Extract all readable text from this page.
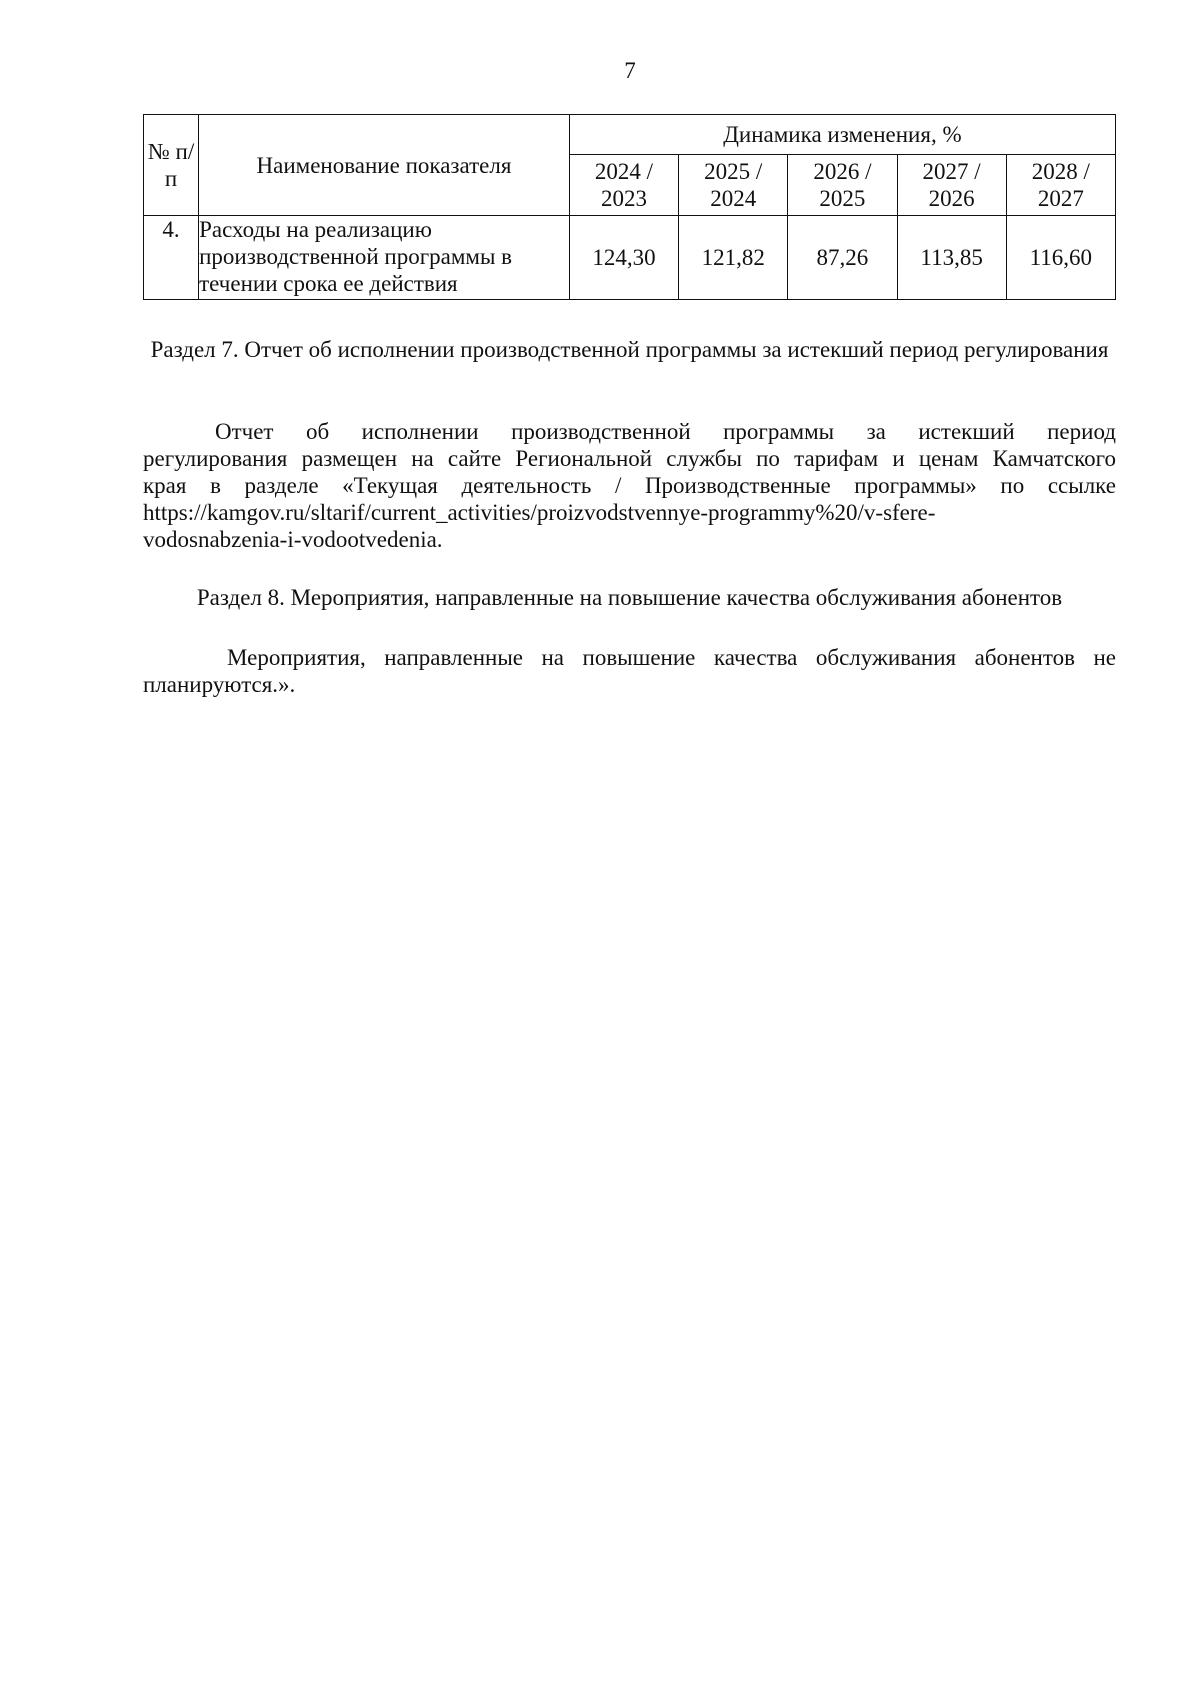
7
№ п/п	Наименование показателя	Динамика изменения, %				
		2024 / 2023	2025 / 2024	2026 / 2025	2027 / 2026	2028 / 2027
4.	Расходы на реализацию производственной программы в течении срока ее действия	124,30	121,82	87,26	113,85	116,60
Раздел 7. Отчет об исполнении производственной программы за истекший период регулирования
Отчет об исполнении производственной программы за истекший период
регулирования размещен на сайте Региональной службы по тарифам и ценам Камчатского
края в разделе «Текущая деятельность / Производственные программы» по ссылке
https://kamgov.ru/sltarif/current_activities/proizvodstvennye-programmy%20/v-sfere-
vodosnabzenia-i-vodootvedenia.
Раздел 8. Мероприятия, направленные на повышение качества обслуживания абонентов
Мероприятия, направленные на повышение качества обслуживания абонентов не
планируются.».
